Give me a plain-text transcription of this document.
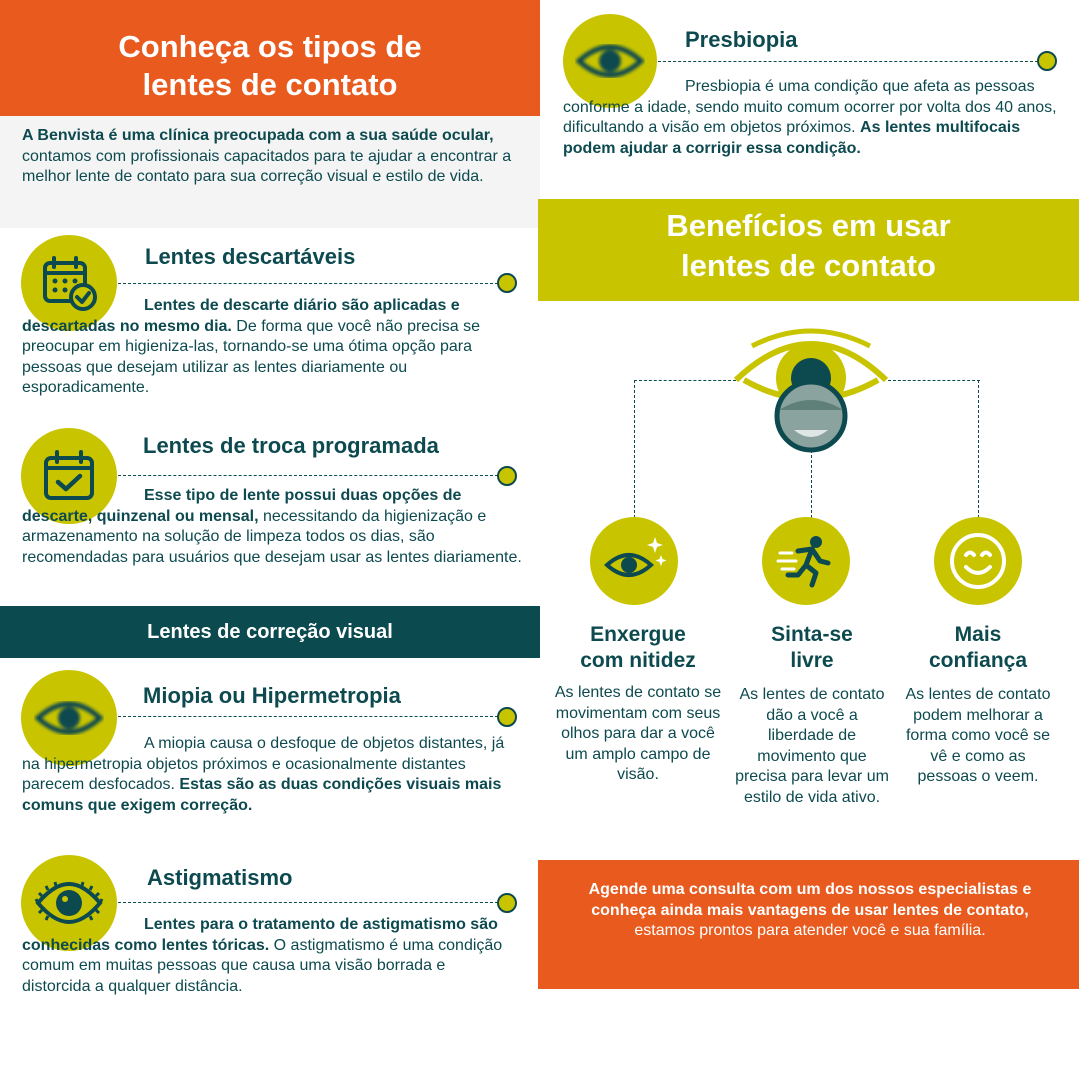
Conheça os tipos de
lentes de contato
A Benvista é uma clínica preocupada com a sua saúde ocular, contamos com profissionais capacitados para te ajudar a encontrar a melhor lente de contato para sua correção visual e estilo de vida.
Lentes descartáveis
Lentes de descarte diário são aplicadas e descartadas no mesmo dia. De forma que você não precisa se preocupar em higieniza-las, tornando-se uma ótima opção para pessoas que desejam utilizar as lentes diariamente ou esporadicamente.
Lentes de troca programada
Esse tipo de lente possui duas opções de descarte, quinzenal ou mensal, necessitando da higienização e armazenamento na solução de limpeza todos os dias, são recomendadas para usuários que desejam usar as lentes diariamente.
Lentes de correção visual
Miopia ou Hipermetropia
A miopia causa o desfoque de objetos distantes, já na hipermetropia objetos próximos e ocasionalmente distantes parecem desfocados. Estas são as duas condições visuais mais comuns que exigem correção.
Astigmatismo
Lentes para o tratamento de astigmatismo são conhecidas como lentes tóricas. O astigmatismo é uma condição comum em muitas pessoas que causa uma visão borrada e distorcida a qualquer distância.
Presbiopia
Presbiopia é uma condição que afeta as pessoas conforme a idade, sendo muito comum ocorrer por volta dos 40 anos, dificultando a visão em objetos próximos. As lentes multifocais podem ajudar a corrigir essa condição.
Benefícios em usar
lentes de contato
Enxergue
com nitidez
Sinta-se
livre
Mais
confiança
As lentes de contato se movimentam com seus olhos para dar a você um amplo campo de visão.
As lentes de contato dão a você a liberdade de movimento que precisa para levar um estilo de vida ativo.
As lentes de contato podem melhorar a forma como você se vê e como as pessoas o veem.
Agende uma consulta com um dos nossos especialistas e conheça ainda mais vantagens de usar lentes de contato, estamos prontos para atender você e sua família.
